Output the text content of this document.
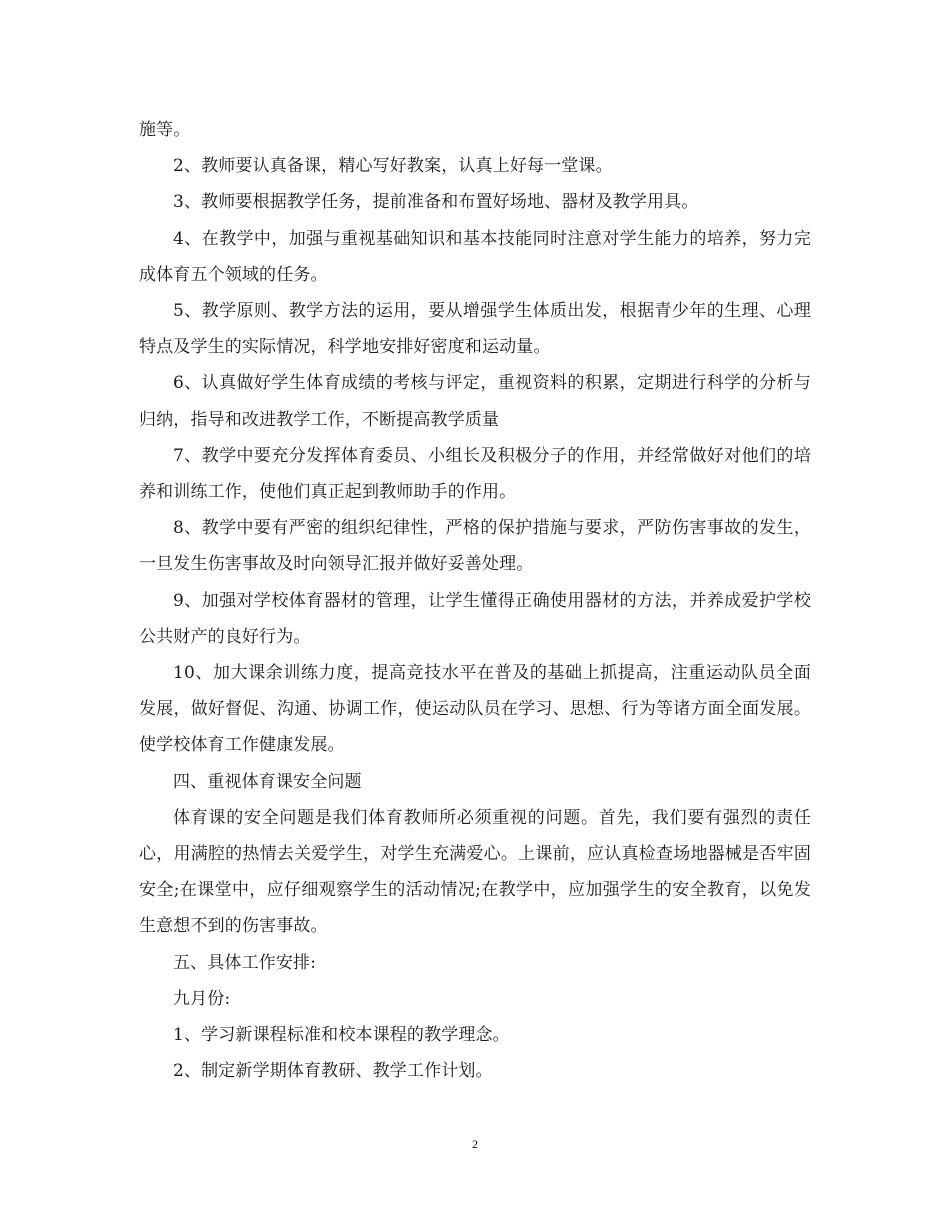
施等。

2、教师要认真备课，精心写好教案，认真上好每一堂课。

3、教师要根据教学任务，提前准备和布置好场地、器材及教学用具。

4、在教学中，加强与重视基础知识和基本技能同时注意对学生能力的培养，努力完成体育五个领域的任务。

5、教学原则、教学方法的运用，要从增强学生体质出发，根据青少年的生理、心理特点及学生的实际情况，科学地安排好密度和运动量。

6、认真做好学生体育成绩的考核与评定，重视资料的积累，定期进行科学的分析与归纳，指导和改进教学工作，不断提高教学质量

7、教学中要充分发挥体育委员、小组长及积极分子的作用，并经常做好对他们的培养和训练工作，使他们真正起到教师助手的作用。

8、教学中要有严密的组织纪律性，严格的保护措施与要求，严防伤害事故的发生，一旦发生伤害事故及时向领导汇报并做好妥善处理。

9、加强对学校体育器材的管理，让学生懂得正确使用器材的方法，并养成爱护学校公共财产的良好行为。

10、加大课余训练力度，提高竞技水平在普及的基础上抓提高，注重运动队员全面发展，做好督促、沟通、协调工作，使运动队员在学习、思想、行为等诸方面全面发展。使学校体育工作健康发展。

四、重视体育课安全问题

体育课的安全问题是我们体育教师所必须重视的问题。首先，我们要有强烈的责任心，用满腔的热情去关爱学生，对学生充满爱心。上课前，应认真检查场地器械是否牢固安全;在课堂中，应仔细观察学生的活动情况;在教学中，应加强学生的安全教育，以免发生意想不到的伤害事故。

五、具体工作安排:

九月份:

1、学习新课程标准和校本课程的教学理念。

2、制定新学期体育教研、教学工作计划。

2
